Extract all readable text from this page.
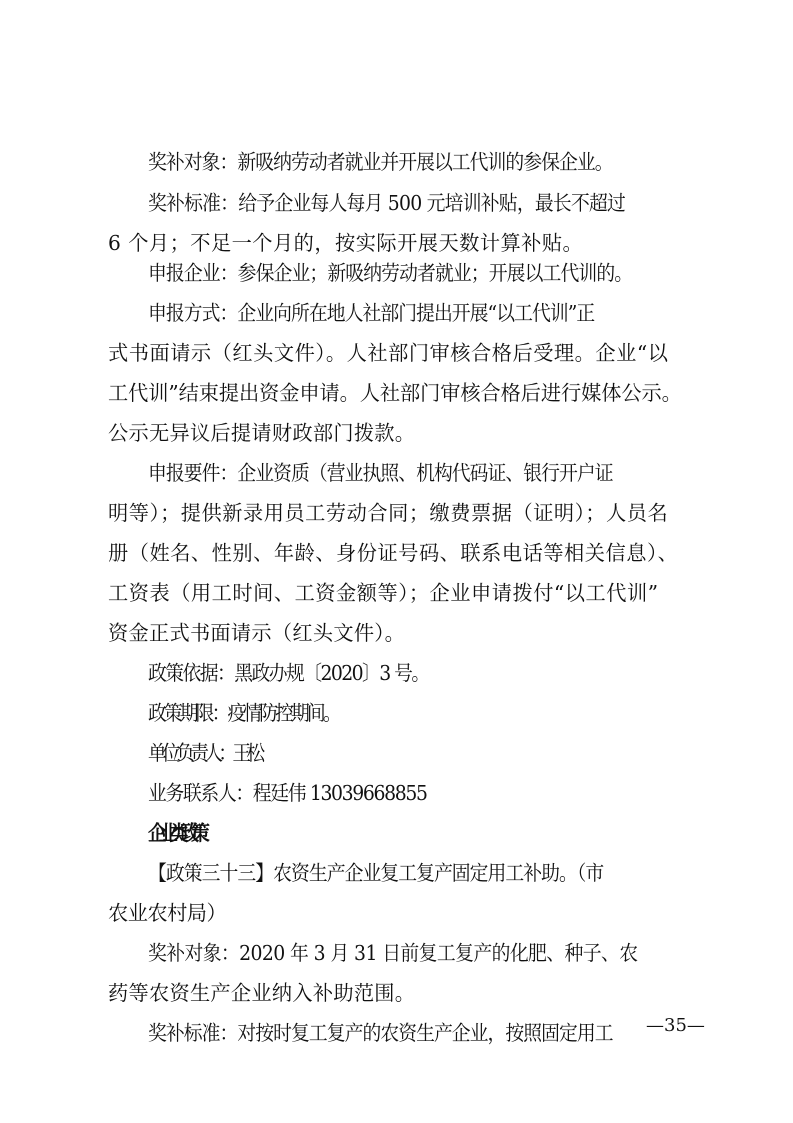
奖补对象：新吸纳劳动者就业并开展以工代训的参保企业。
奖补标准：给予企业每人每月 500 元培训补贴，最长不超过
6 个月；不足一个月的，按实际开展天数计算补贴。
申报企业：参保企业；新吸纳劳动者就业；开展以工代训的。
申报方式：企业向所在地人社部门提出开展“以工代训”正
式书面请示（红头文件）。人社部门审核合格后受理。企业“以
工代训”结束提出资金申请。人社部门审核合格后进行媒体公示。
公示无异议后提请财政部门拨款。
申报要件：企业资质（营业执照、机构代码证、银行开户证
明等）；提供新录用员工劳动合同；缴费票据（证明）；人员名
册（姓名、性别、年龄、身份证号码、联系电话等相关信息）、
工资表（用工时间、工资金额等）；企业申请拨付“以工代训”
资金正式书面请示（红头文件）。
政策依据：黑政办规〔2020〕3 号。
政策期限：疫情防控期间。
单位负责人：王松
业务联系人：程廷伟 13039668855
企业类政策
【政策三十三】农资生产企业复工复产固定用工补助。（市
农业农村局）
奖补对象：2020 年 3 月 31 日前复工复产的化肥、种子、农
药等农资生产企业纳入补助范围。
奖补标准：对按时复工复产的农资生产企业，按照固定用工	—35—
